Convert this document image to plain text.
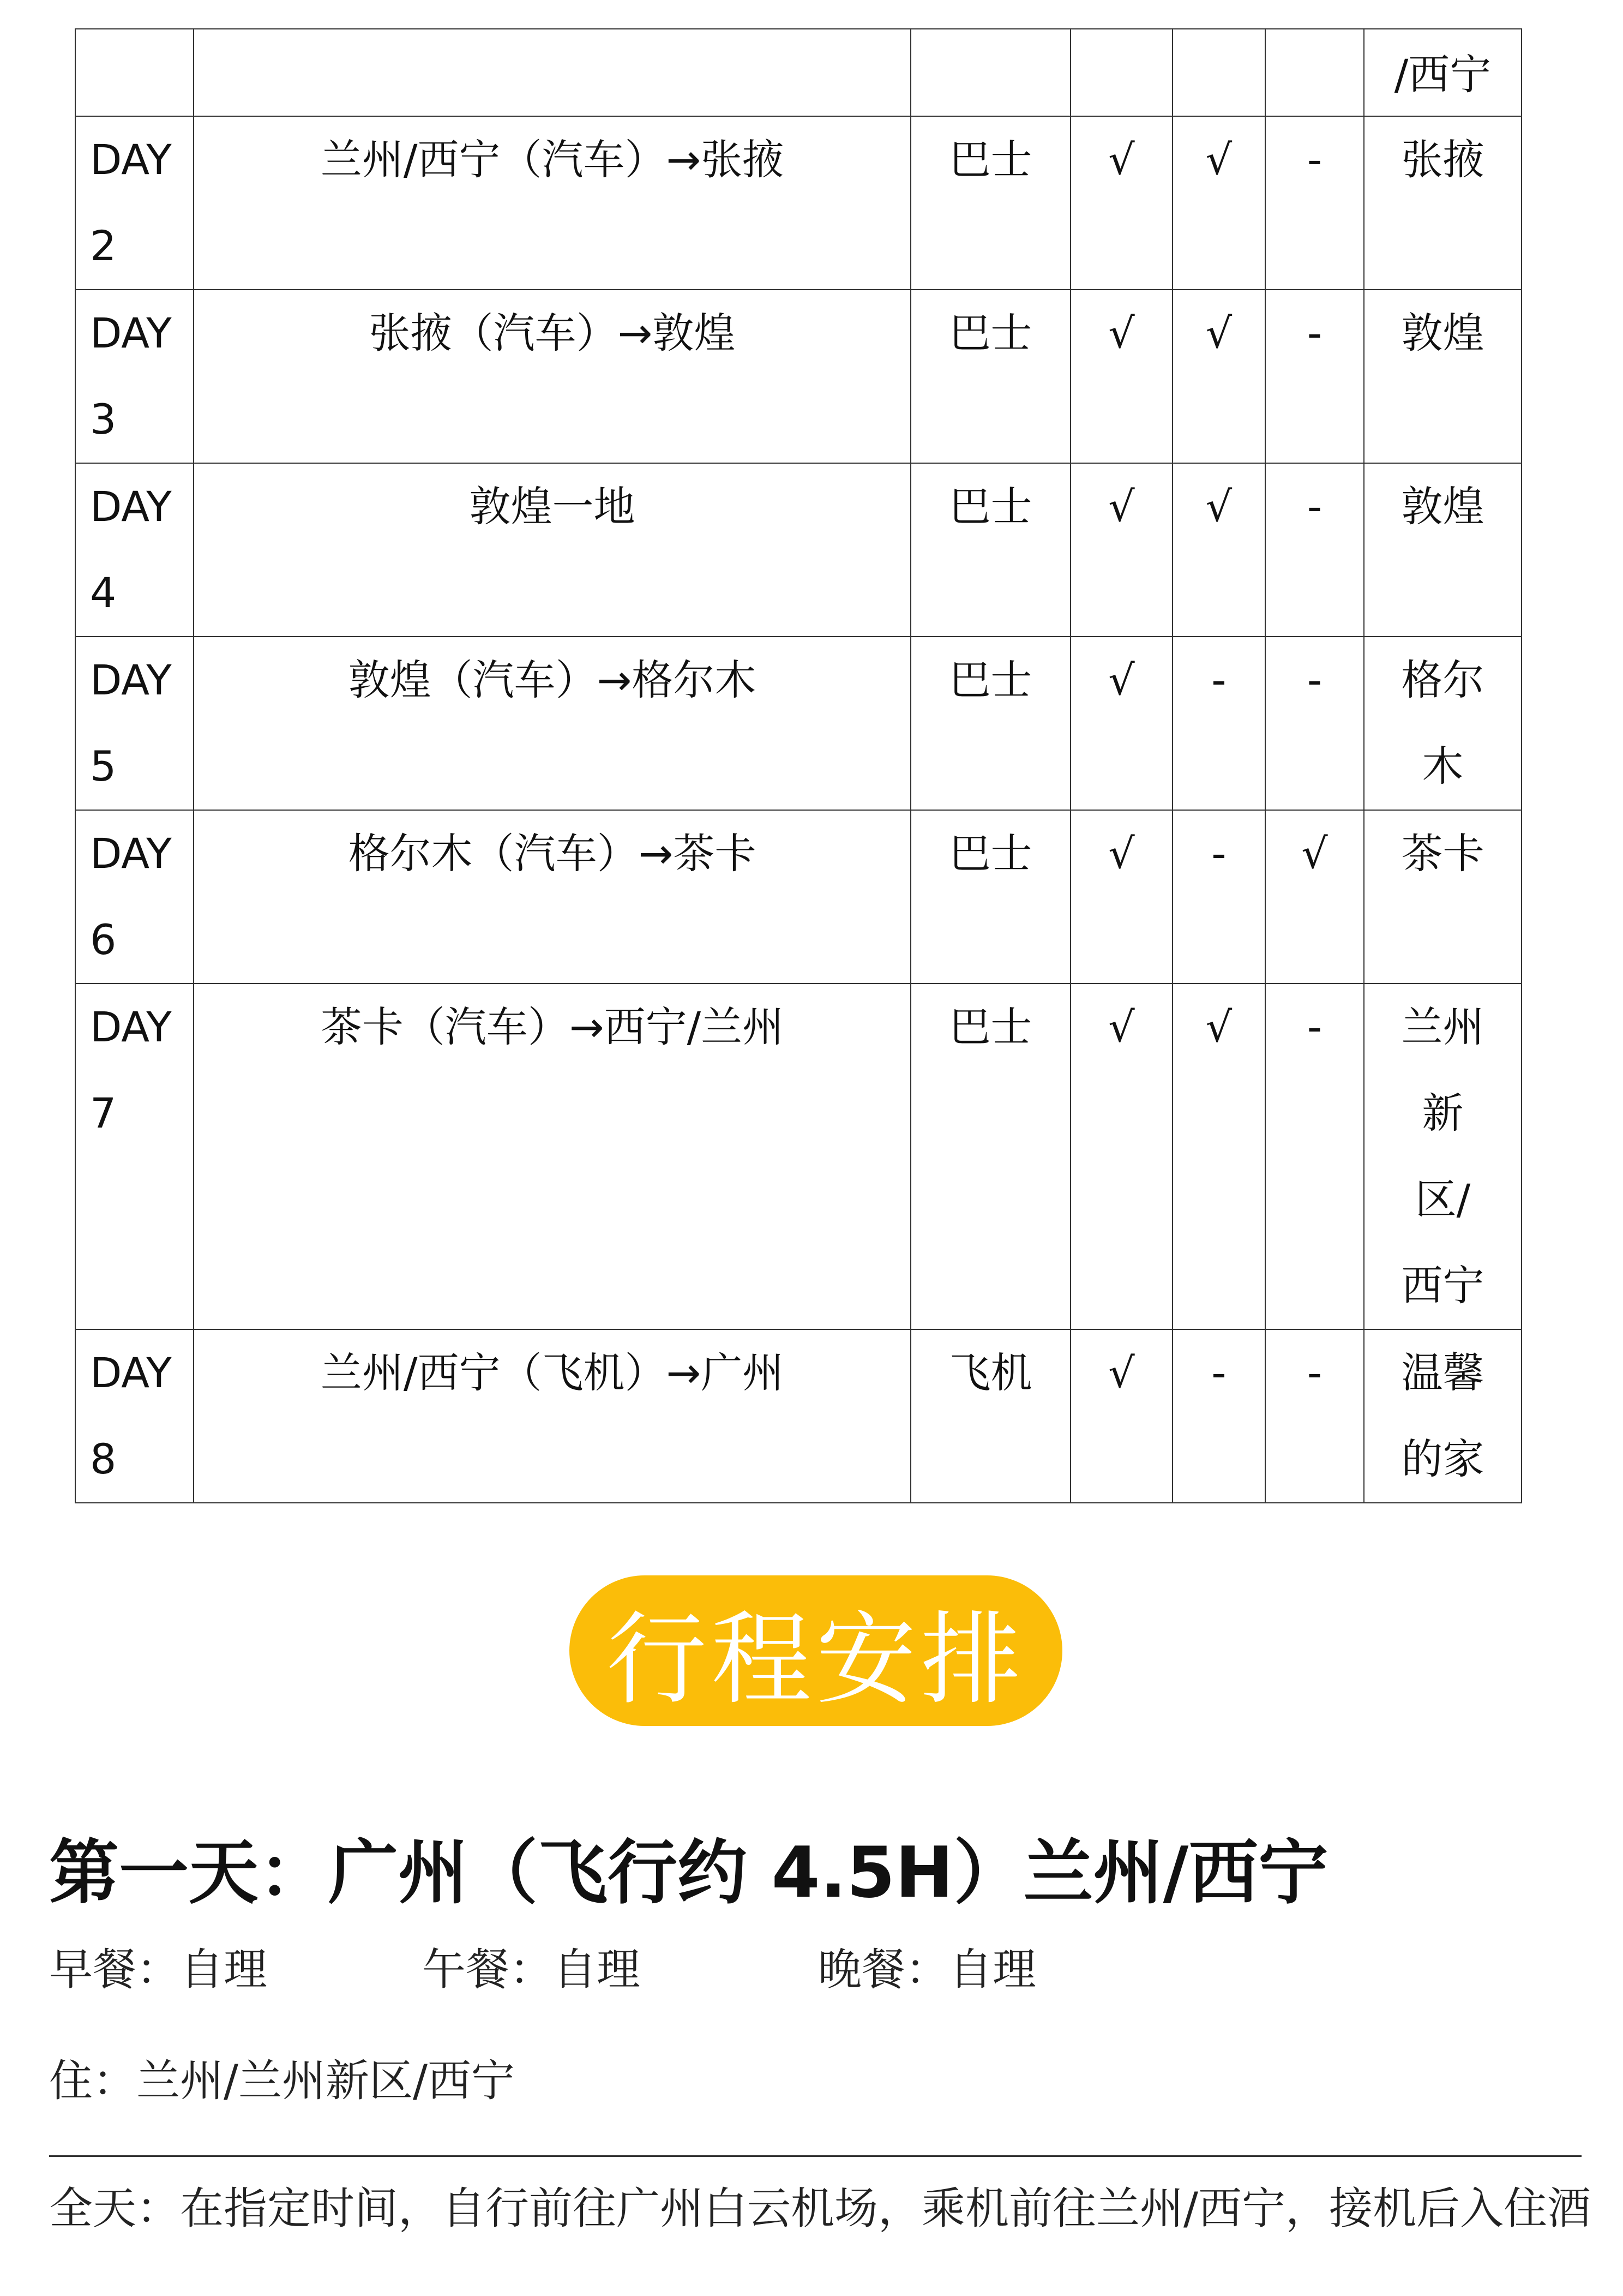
						/西宁

DAY2	兰州/西宁（汽车）→张掖	巴士	√	√	-	张掖

DAY3	张掖（汽车）→敦煌	巴士	√	√	-	敦煌

DAY4	敦煌一地	巴士	√	√	-	敦煌

DAY5	敦煌（汽车）→格尔木	巴士	√	-	-	格尔木

DAY6	格尔木（汽车）→茶卡	巴士	√	-	√	茶卡

DAY7	茶卡（汽车）→西宁/兰州	巴士	√	√	-	兰州新区/西宁

DAY8	兰州/西宁（飞机）→广州	飞机	√	-	-	温馨的家
行程安排
第一天：广州（飞行约 4.5H）兰州/西宁
早餐：自理	午餐：自理	晚餐：自理
住：兰州/兰州新区/西宁
全天：在指定时间，自行前往广州白云机场，乘机前往兰州/西宁，接机后入住酒
